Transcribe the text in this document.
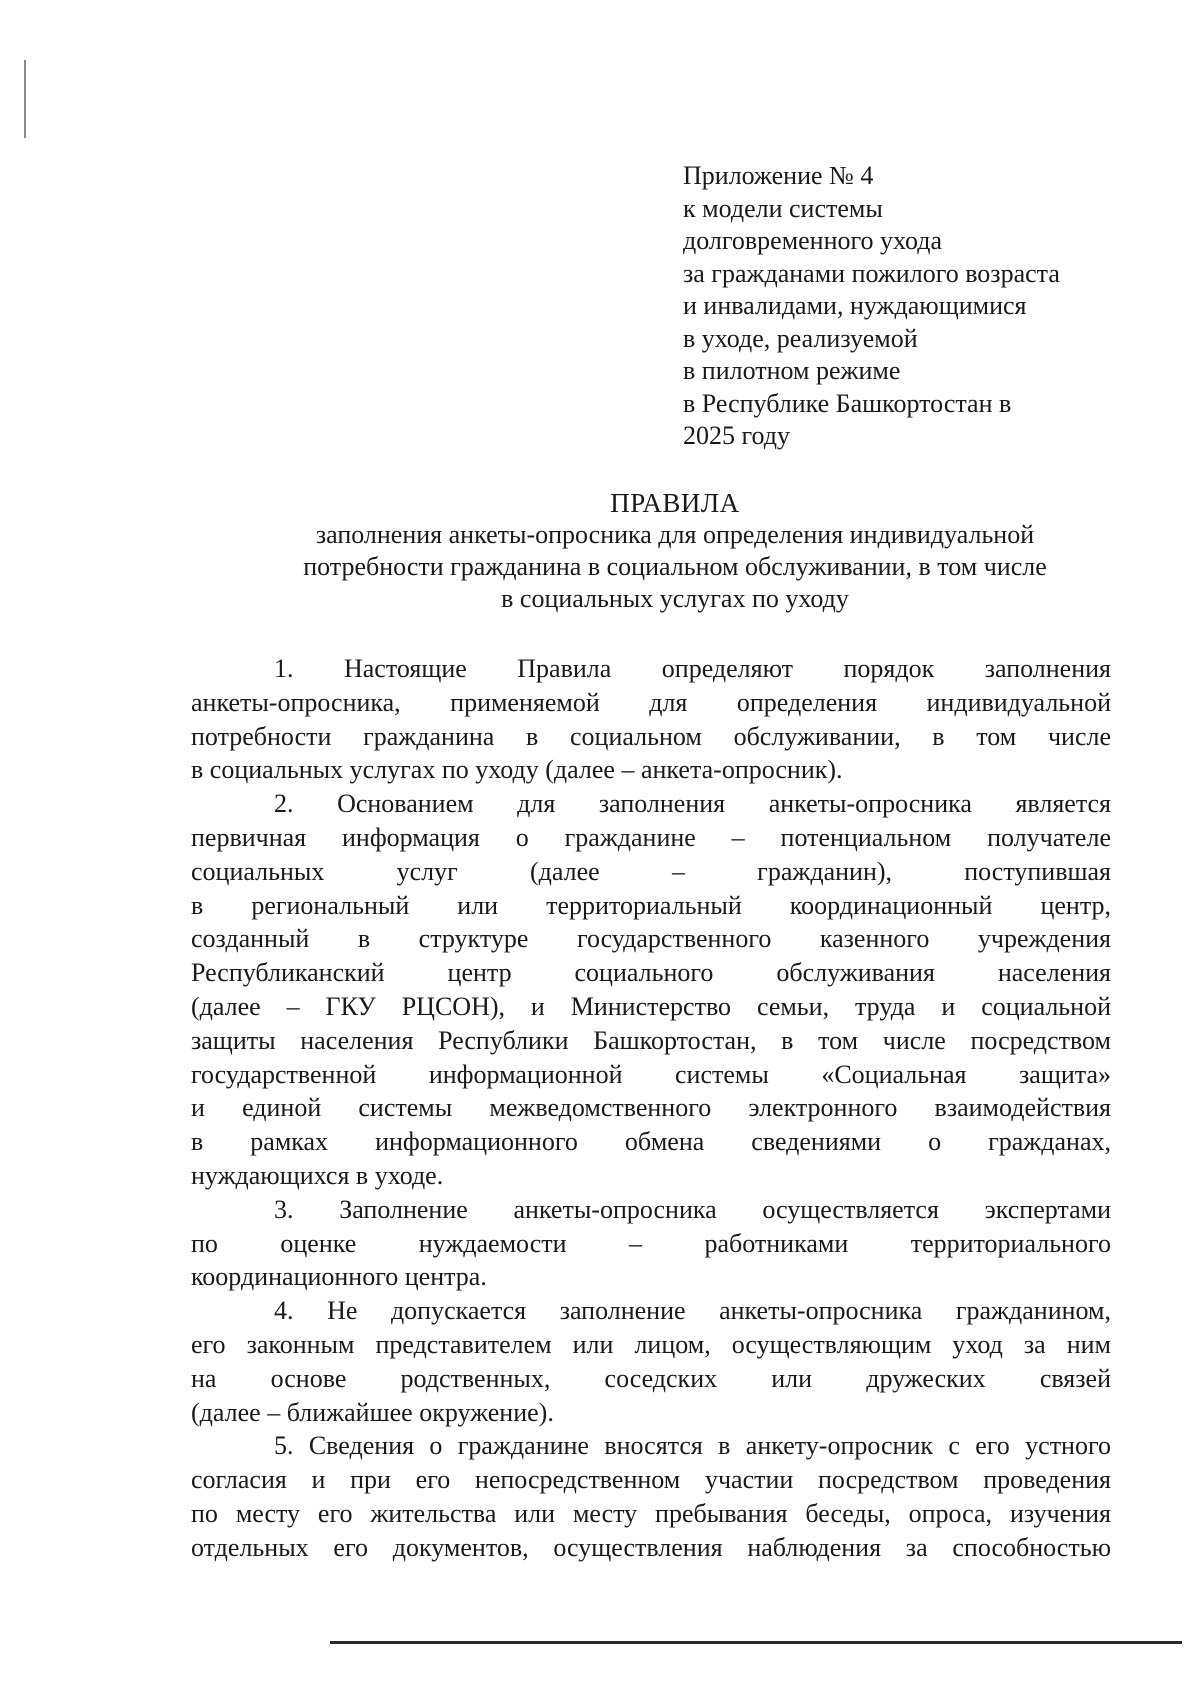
Приложение № 4
к модели системы
долговременного ухода
за гражданами пожилого возраста
и инвалидами, нуждающимися
в уходе, реализуемой
в пилотном режиме
в Республике Башкортостан в
2025 году
ПРАВИЛА
заполнения анкеты-опросника для определения индивидуальной
потребности гражданина в социальном обслуживании, в том числе
в социальных услугах по уходу
1. Настоящие Правила определяют порядок заполнения
анкеты-опросника, применяемой для определения индивидуальной
потребности гражданина в социальном обслуживании, в том числе
в социальных услугах по уходу (далее – анкета-опросник).
2. Основанием для заполнения анкеты-опросника является
первичная информация о гражданине – потенциальном получателе
социальных услуг (далее – гражданин), поступившая
в региональный или территориальный координационный центр,
созданный в структуре государственного казенного учреждения
Республиканский центр социального обслуживания населения
(далее – ГКУ РЦСОН), и Министерство семьи, труда и социальной
защиты населения Республики Башкортостан, в том числе посредством
государственной информационной системы «Социальная защита»
и единой системы межведомственного электронного взаимодействия
в рамках информационного обмена сведениями о гражданах,
нуждающихся в уходе.
3. Заполнение анкеты-опросника осуществляется экспертами
по оценке нуждаемости – работниками территориального
координационного центра.
4. Не допускается заполнение анкеты-опросника гражданином,
его законным представителем или лицом, осуществляющим уход за ним
на основе родственных, соседских или дружеских связей
(далее – ближайшее окружение).
5. Сведения о гражданине вносятся в анкету-опросник с его устного
согласия и при его непосредственном участии посредством проведения
по месту его жительства или месту пребывания беседы, опроса, изучения
отдельных его документов, осуществления наблюдения за способностью
